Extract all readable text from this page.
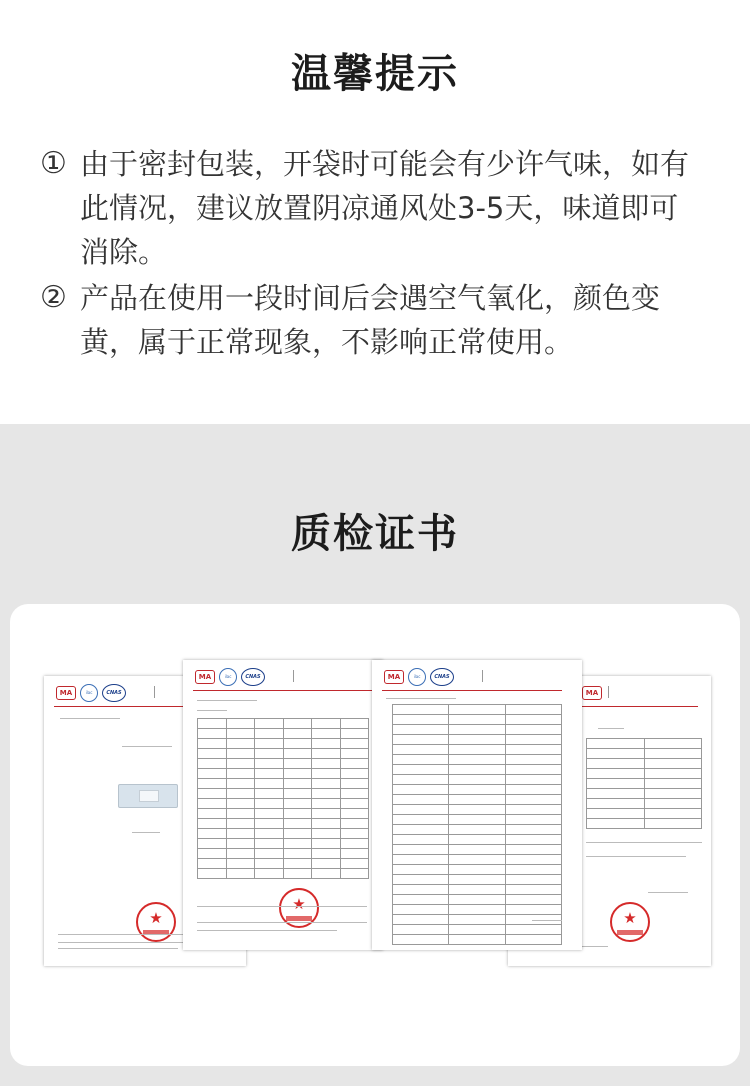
温馨提示
① 由于密封包装，开袋时可能会有少许气味，如有此情况，建议放置阴凉通风处3-5天，味道即可消除。
② 产品在使用一段时间后会遇空气氧化，颜色变黄，属于正常现象，不影响正常使用。
质检证书
MA	ilac	CNAS
★
MA	ilac	CNAS

★	MA	ilac	CNAS

MA

★
